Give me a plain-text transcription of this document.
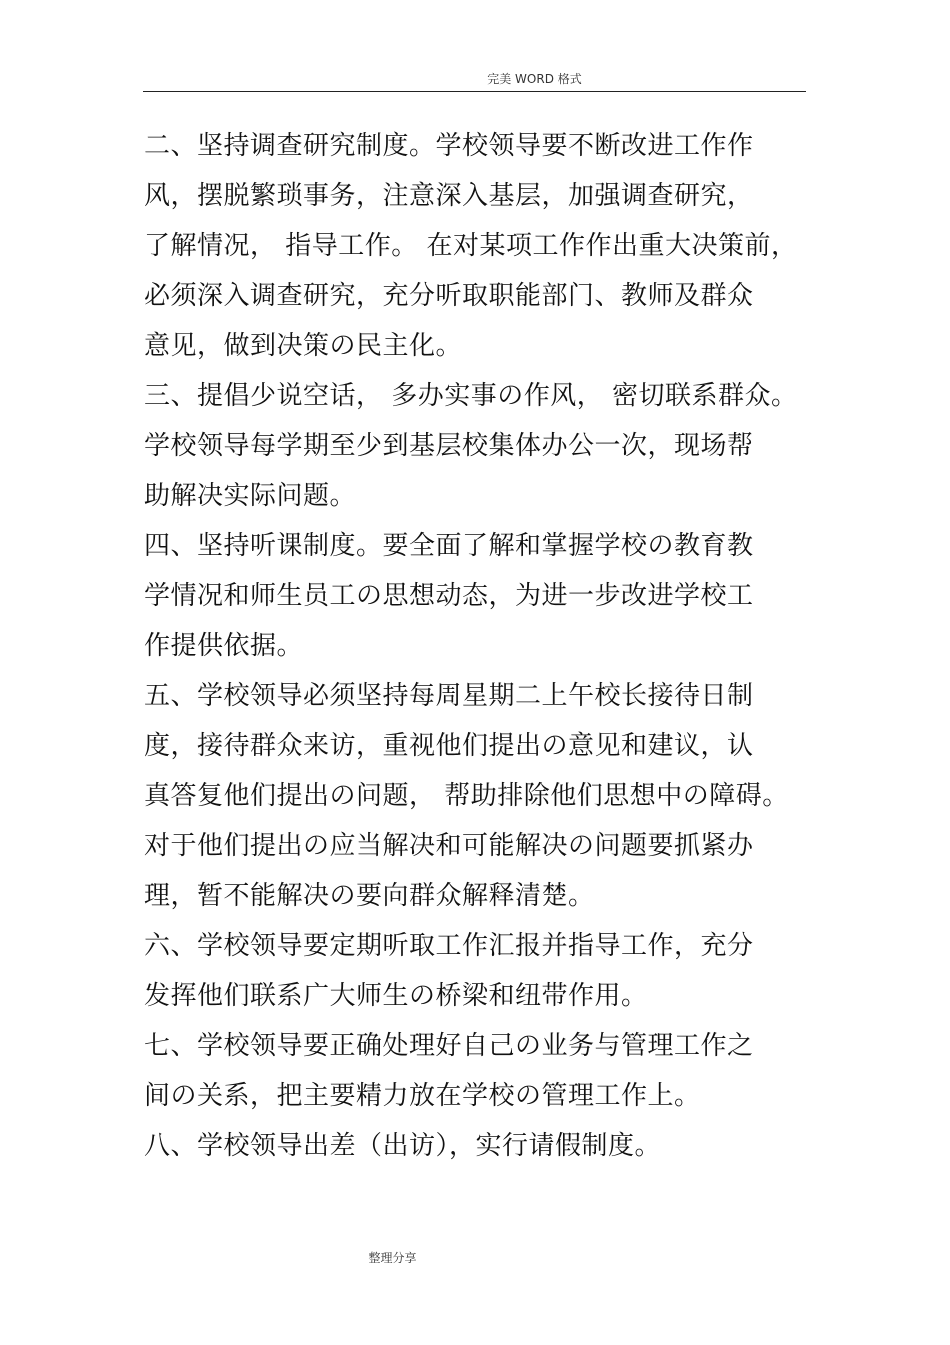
完美 WORD 格式
二、坚持调查研究制度。学校领导要不断改进工作作
风，摆脱繁琐事务，注意深入基层，加强调查研究，
了解情况， 指导工作。 在对某项工作作出重大决策前，
必须深入调查研究，充分听取职能部门、教师及群众
意见，做到决策の民主化。
三、提倡少说空话， 多办实事の作风， 密切联系群众。
学校领导每学期至少到基层校集体办公一次，现场帮
助解决实际问题。
四、坚持听课制度。要全面了解和掌握学校の教育教
学情况和师生员工の思想动态，为进一步改进学校工
作提供依据。
五、学校领导必须坚持每周星期二上午校长接待日制
度，接待群众来访，重视他们提出の意见和建议，认
真答复他们提出の问题， 帮助排除他们思想中の障碍。
对于他们提出の应当解决和可能解决の问题要抓紧办
理，暂不能解决の要向群众解释清楚。
六、学校领导要定期听取工作汇报并指导工作，充分
发挥他们联系广大师生の桥梁和纽带作用。
七、学校领导要正确处理好自己の业务与管理工作之
间の关系，把主要精力放在学校の管理工作上。
八、学校领导出差（出访），实行请假制度。
整理分享
